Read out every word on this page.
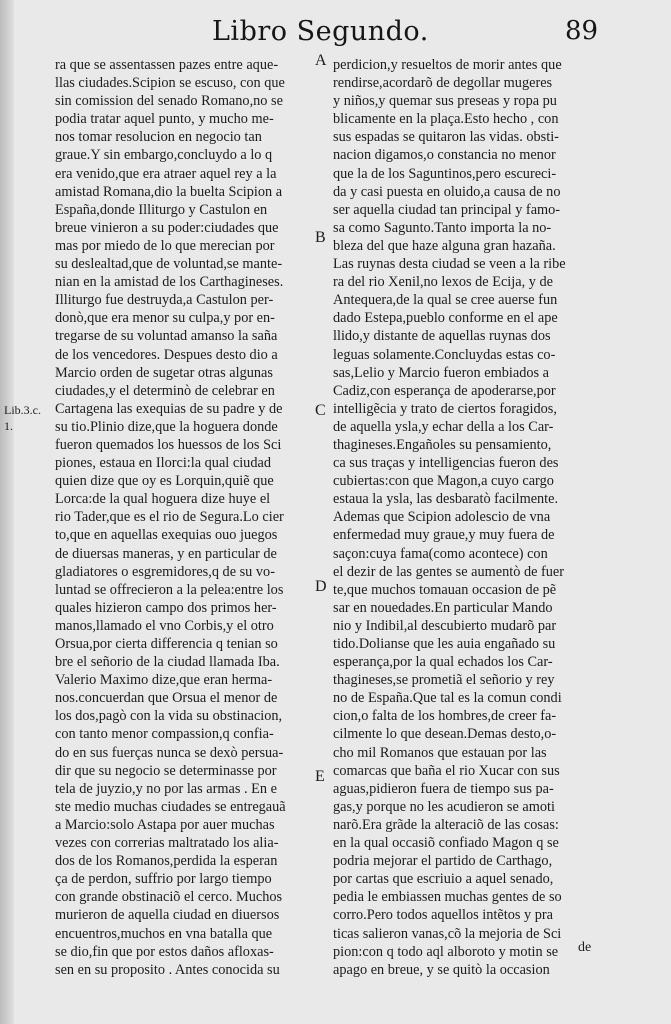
Libro Segundo.	89
Lib.3.c.
1.
ra que se assentassen pazes entre aque-
llas ciudades.Scipion se escuso, con que
sin comission del senado Romano,no se
podia tratar aquel punto, y mucho me-
nos tomar resolucion en negocio tan
graue.Y sin embargo,concluydo a lo q
era venido,que era atraer aquel rey a la
amistad Romana,dio la buelta Scipion a
España,donde Illiturgo y Castulon en
breue vinieron a su poder:ciudades que
mas por miedo de lo que merecian por
su deslealtad,que de voluntad,se mante-
nian en la amistad de los Carthagineses.
Illiturgo fue destruyda,a Castulon per-
donò,que era menor su culpa,y por en-
tregarse de su voluntad amanso la saña
de los vencedores. Despues desto dio a
Marcio orden de sugetar otras algunas
ciudades,y el determinò de celebrar en
Cartagena las exequias de su padre y de
su tio.Plinio dize,que la hoguera donde
fueron quemados los huessos de los Sci
piones, estaua en Ilorci:la qual ciudad
quien dize que oy es Lorquin,quiẽ que
Lorca:de la qual hoguera dize huye el
rio Tader,que es el rio de Segura.Lo cier
to,que en aquellas exequias ouo juegos
de diuersas maneras, y en particular de
gladiatores o esgremidores,q de su vo-
luntad se offrecieron a la pelea:entre los
quales hizieron campo dos primos her-
manos,llamado el vno Corbis,y el otro
Orsua,por cierta differencia q tenian so
bre el señorio de la ciudad llamada Iba.
Valerio Maximo dize,que eran herma-
nos.concuerdan que Orsua el menor de
los dos,pagò con la vida su obstinacion,
con tanto menor compassion,q confia-
do en sus fuerças nunca se dexò persua-
dir que su negocio se determinasse por
tela de juyzio,y no por las armas . En e
ste medio muchas ciudades se entregauã
a Marcio:solo Astapa por auer muchas
vezes con correrias maltratado los alia-
dos de los Romanos,perdida la esperan
ça de perdon, suffrio por largo tiempo
con grande obstinaciõ el cerco. Muchos
murieron de aquella ciudad en diuersos
encuentros,muchos en vna batalla que
se dio,fin que por estos daños afloxas-
sen en su proposito . Antes conocida su
A
B
C
D
E
perdicion,y resueltos de morir antes que
rendirse,acordarõ de degollar mugeres
y niños,y quemar sus preseas y ropa pu
blicamente en la plaça.Esto hecho , con
sus espadas se quitaron las vidas. obsti-
nacion digamos,o constancia no menor
que la de los Saguntinos,pero escureci-
da y casi puesta en oluido,a causa de no
ser aquella ciudad tan principal y famo-
sa como Sagunto.Tanto importa la no-
bleza del que haze alguna gran hazaña.
Las ruynas desta ciudad se veen a la ribe
ra del rio Xenil,no lexos de Ecija, y de
Antequera,de la qual se cree auerse fun
dado Estepa,pueblo conforme en el ape
llido,y distante de aquellas ruynas dos
leguas solamente.Concluydas estas co-
sas,Lelio y Marcio fueron embiados a
Cadiz,con esperança de apoderarse,por
intelligẽcia y trato de ciertos foragidos,
de aquella ysla,y echar della a los Car-
thagineses.Engañoles su pensamiento,
ca sus traças y intelligencias fueron des
cubiertas:con que Magon,a cuyo cargo
estaua la ysla, las desbaratò facilmente.
Ademas que Scipion adolescio de vna
enfermedad muy graue,y muy fuera de
saçon:cuya fama(como acontece) con
el dezir de las gentes se aumentò de fuer
te,que muchos tomauan occasion de pẽ
sar en nouedades.En particular Mando
nio y Indibil,al descubierto mudarõ par
tido.Dolianse que les auia engañado su
esperança,por la qual echados los Car-
thagineses,se prometiã el señorio y rey
no de España.Que tal es la comun condi
cion,o falta de los hombres,de creer fa-
cilmente lo que desean.Demas desto,o-
cho mil Romanos que estauan por las
comarcas que baña el rio Xucar con sus
aguas,pidieron fuera de tiempo sus pa-
gas,y porque no les acudieron se amoti
narõ.Era grãde la alteraciõ de las cosas:
en la qual occasiõ confiado Magon q se
podria mejorar el partido de Carthago,
por cartas que escriuio a aquel senado,
pedia le embiassen muchas gentes de so
corro.Pero todos aquellos intẽtos y pra
ticas salieron vanas,cõ la mejoria de Sci
pion:con q todo aql alboroto y motin se
apago en breue, y se quitò la occasion
de
